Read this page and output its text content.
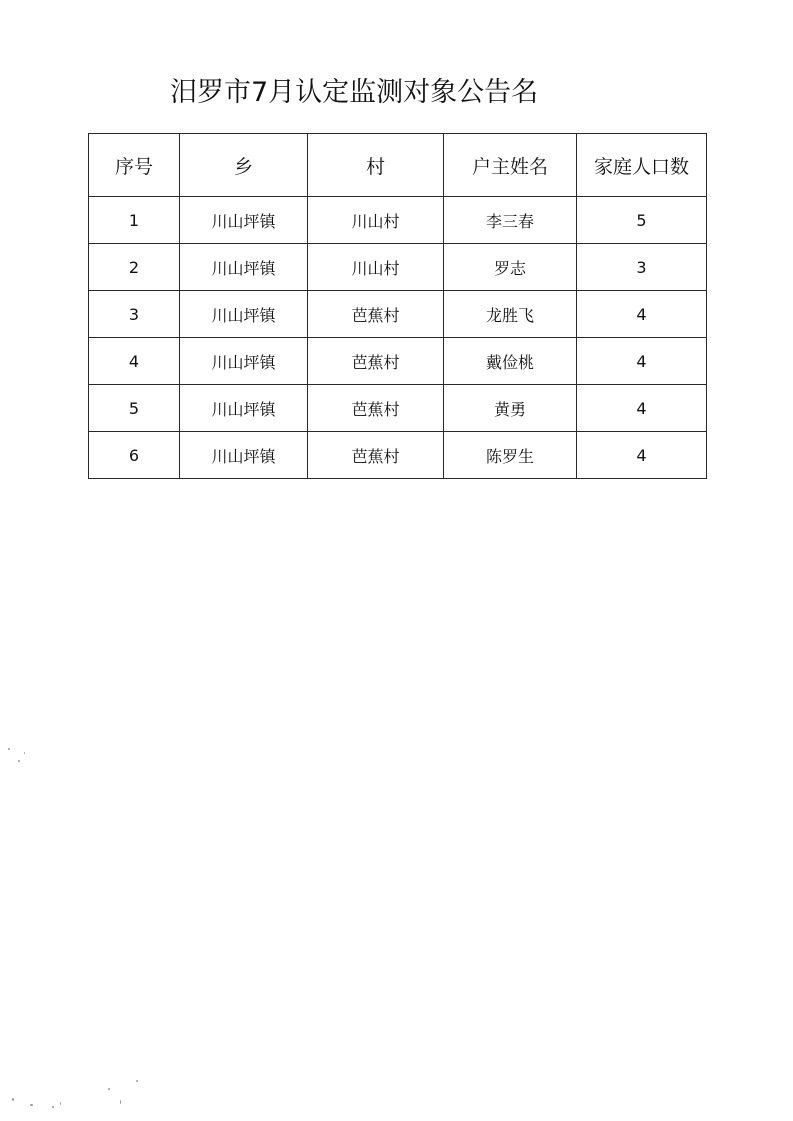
汨罗市7月认定监测对象公告名
序号	乡	村	户主姓名	家庭人口数
1	川山坪镇	川山村	李三春	5
2	川山坪镇	川山村	罗志	3
3	川山坪镇	芭蕉村	龙胜飞	4
4	川山坪镇	芭蕉村	戴俭桃	4
5	川山坪镇	芭蕉村	黄勇	4
6	川山坪镇	芭蕉村	陈罗生	4
